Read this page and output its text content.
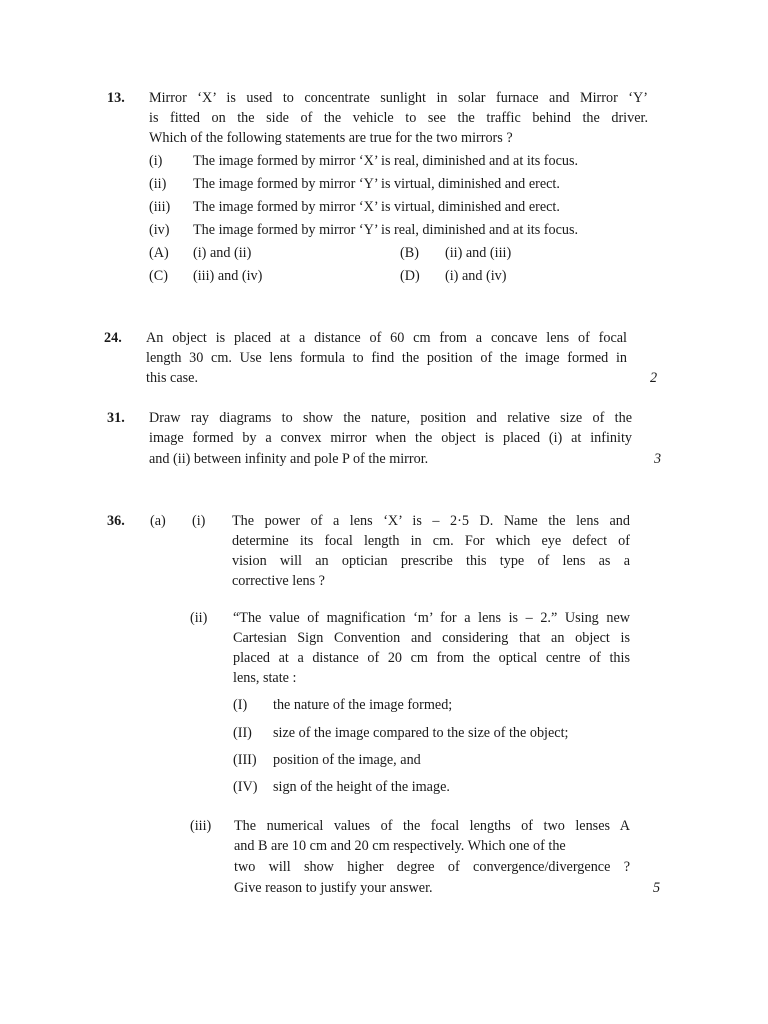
13. Mirror ‘X’ is used to concentrate sunlight in solar furnace and Mirror ‘Y’
is fitted on the side of the vehicle to see the traffic behind the driver.
Which of the following statements are true for the two mirrors ?
(i) The image formed by mirror ‘X’ is real, diminished and at its focus.
(ii) The image formed by mirror ‘Y’ is virtual, diminished and erect.
(iii) The image formed by mirror ‘X’ is virtual, diminished and erect.
(iv) The image formed by mirror ‘Y’ is real, diminished and at its focus.
(A) (i) and (ii)	(B) (ii) and (iii)
(C) (iii) and (iv)	(D) (i) and (iv)
24. An object is placed at a distance of 60 cm from a concave lens of focal
length 30 cm. Use lens formula to find the position of the image formed in
this case.	2
31. Draw ray diagrams to show the nature, position and relative size of the
image formed by a convex mirror when the object is placed (i) at infinity
and (ii) between infinity and pole P of the mirror.	3
36. (a) (i) The power of a lens ‘X’ is – 2·5 D. Name the lens and
determine its focal length in cm. For which eye defect of
vision will an optician prescribe this type of lens as a
corrective lens ?
(ii) “The value of magnification ‘m’ for a lens is – 2.” Using new
Cartesian Sign Convention and considering that an object is
placed at a distance of 20 cm from the optical centre of this
lens, state :
(I) the nature of the image formed;
(II) size of the image compared to the size of the object;
(III) position of the image, and
(IV) sign of the height of the image.
(iii) The numerical values of the focal lengths of two lenses A
and B are 10 cm and 20 cm respectively. Which one of the
two will show higher degree of convergence/divergence ?
Give reason to justify your answer.	5
